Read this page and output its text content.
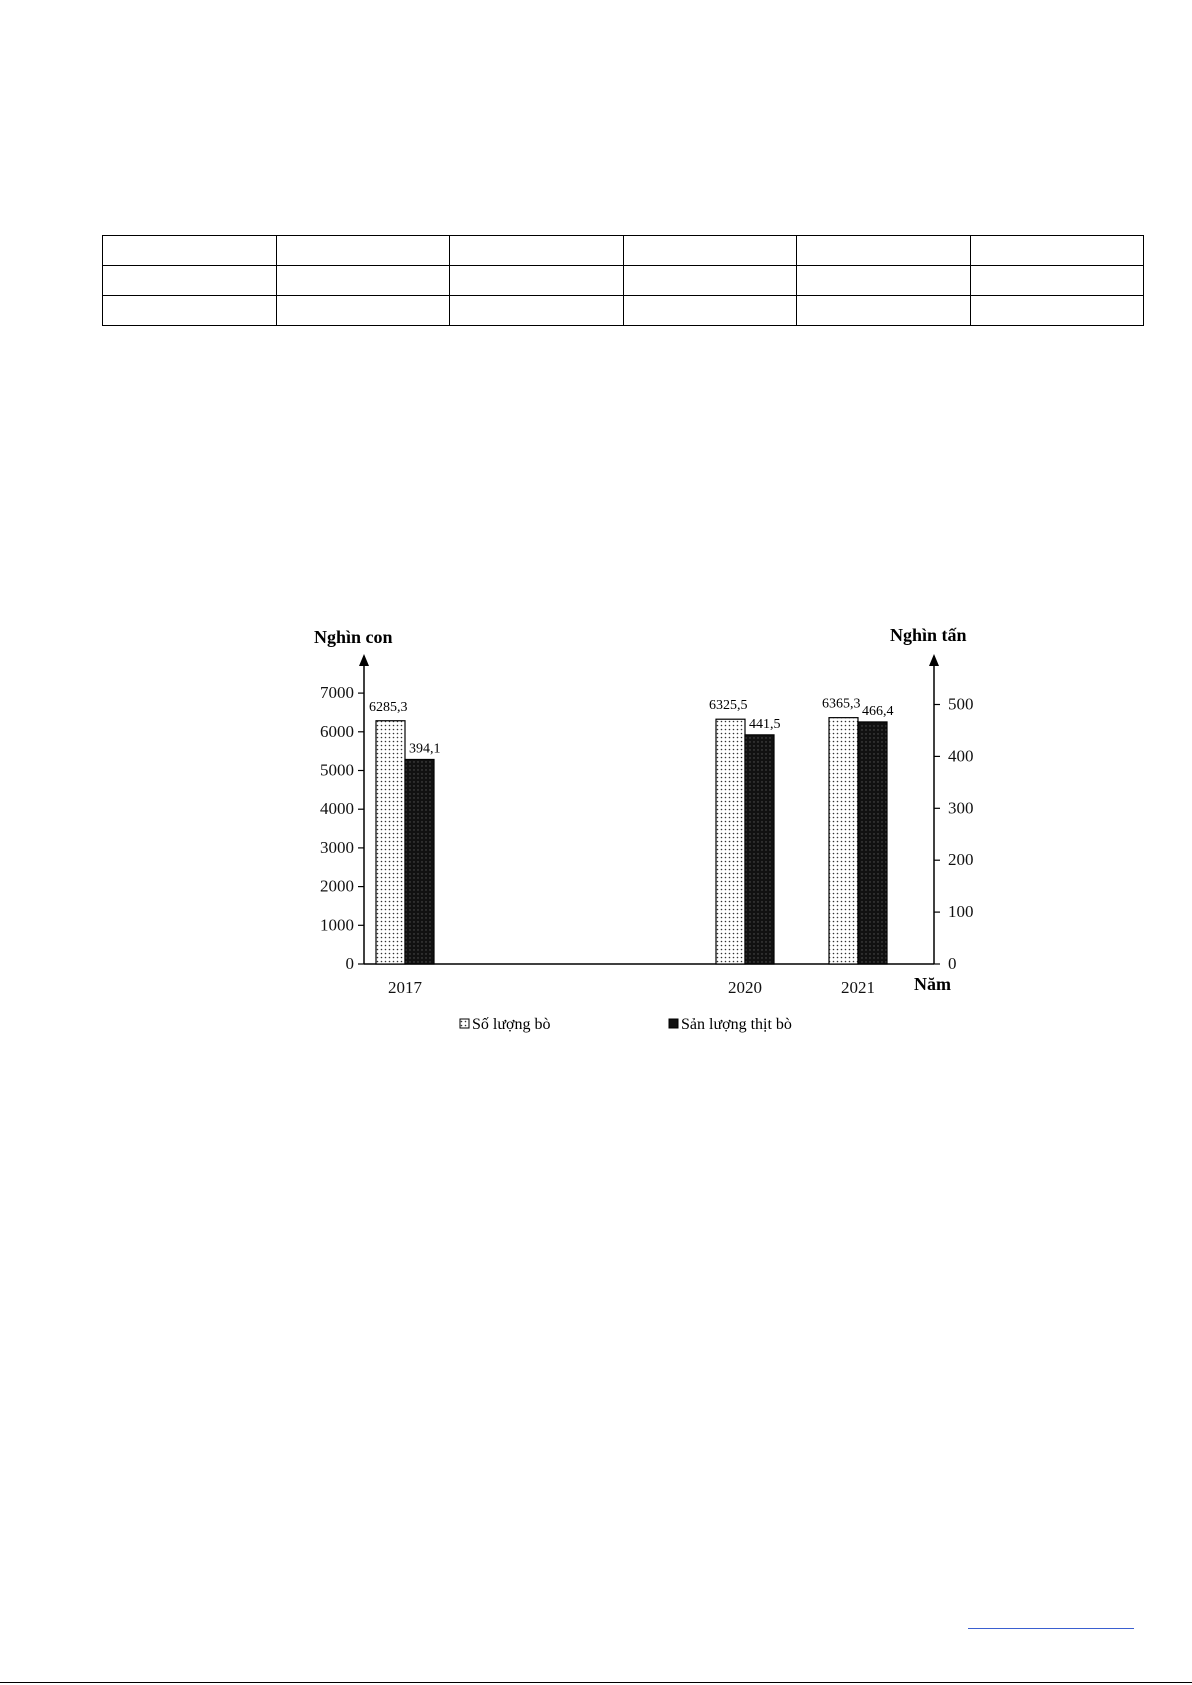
0
1000
2000
3000
4000
5000
6000
7000
0
100
200
300
400
500
Nghìn con	Nghìn tấn
Năm
6285,3
394,1
2017
6325,5
441,5
2020
6365,3 466,4
2021
Số lượng bò	Sản lượng thịt bò
